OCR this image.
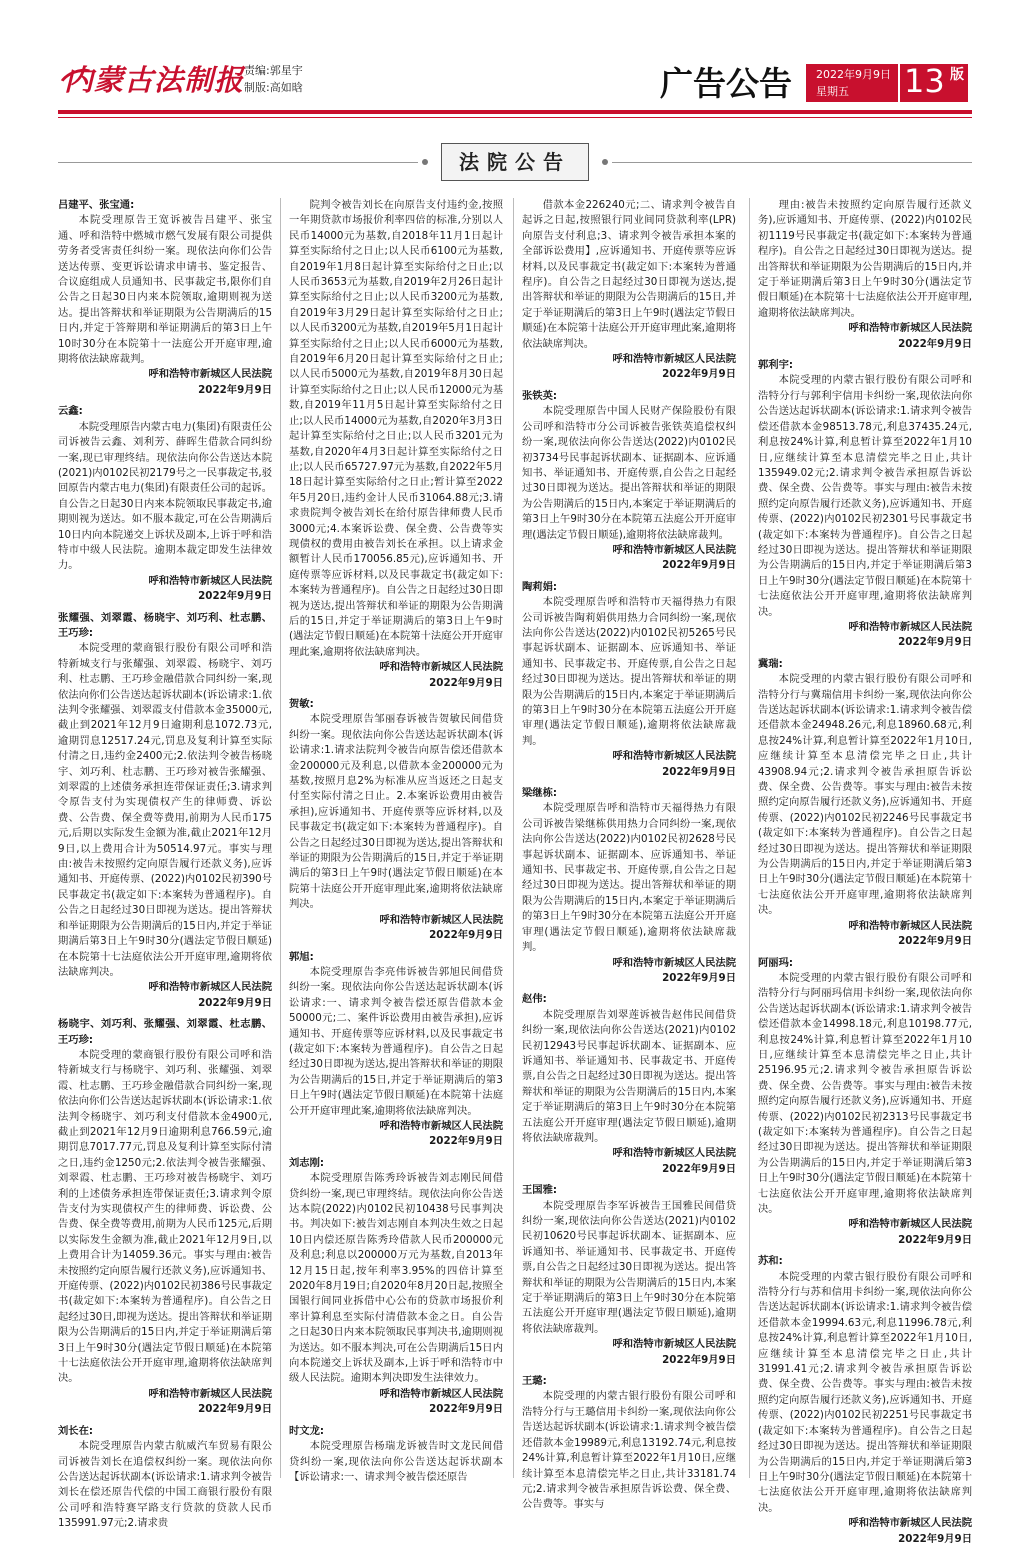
内蒙古法制报 责编:郭星宇
制版:高如晗	广告公告 2022年9月9日
星期五	13 版
法院公告

吕建平、张宝通:

本院受理原告王宽诉被告吕建平、张宝通、呼和浩特中燃城市燃气发展有限公司提供劳务者受害责任纠纷一案。现依法向你们公告送达传票、变更诉讼请求申请书、鉴定报告、合议庭组成人员通知书、民事裁定书,限你们自公告之日起30日内来本院领取,逾期则视为送达。提出答辩状和举证期限为公告期满后的15日内,并定于答辩期和举证期满后的第3日上午10时30分在本院第十一法庭公开开庭审理,逾期将依法缺席裁判。

呼和浩特市新城区人民法院

2022年9月9日

云鑫:

本院受理原告内蒙古电力(集团)有限责任公司诉被告云鑫、刘利芳、薛晖生借款合同纠纷一案,现已审理终结。现依法向你公告送达本院(2021)内0102民初2179号之一民事裁定书,驳回原告内蒙古电力(集团)有限责任公司的起诉。自公告之日起30日内来本院领取民事裁定书,逾期则视为送达。如不服本裁定,可在公告期满后10日内向本院递交上诉状及副本,上诉于呼和浩特市中级人民法院。逾期本裁定即发生法律效力。

呼和浩特市新城区人民法院

2022年9月9日

张耀强、刘翠霞、杨晓宇、刘巧利、杜志鹏、王巧珍:

本院受理的蒙商银行股份有限公司呼和浩特新城支行与张耀强、刘翠霞、杨晓宇、刘巧利、杜志鹏、王巧珍金融借款合同纠纷一案,现依法向你们公告送达起诉状副本(诉讼请求:1.依法判令张耀强、刘翠霞支付借款本金35000元,截止到2021年12月9日逾期利息1072.73元,逾期罚息12517.24元,罚息及复利计算至实际付清之日,违约金2400元;2.依法判令被告杨晓宇、刘巧利、杜志鹏、王巧珍对被告张耀强、刘翠霞的上述债务承担连带保证责任;3.请求判令原告支付为实现债权产生的律师费、诉讼费、公告费、保全费等费用,前期为人民币175元,后期以实际发生金额为准,截止2021年12月9日,以上费用合计为50514.97元。事实与理由:被告未按照约定向原告履行还款义务),应诉通知书、开庭传票、(2022)内0102民初390号民事裁定书(裁定如下:本案转为普通程序)。自公告之日起经过30日即视为送达。提出答辩状和举证期限为公告期满后的15日内,并定于举证期满后第3日上午9时30分(遇法定节假日顺延)在本院第十七法庭依法公开开庭审理,逾期将依法缺席判决。

呼和浩特市新城区人民法院

2022年9月9日

杨晓宇、刘巧利、张耀强、刘翠霞、杜志鹏、王巧珍:

本院受理的蒙商银行股份有限公司呼和浩特新城支行与杨晓宇、刘巧利、张耀强、刘翠霞、杜志鹏、王巧珍金融借款合同纠纷一案,现依法向你们公告送达起诉状副本(诉讼请求:1.依法判令杨晓宇、刘巧利支付借款本金4900元,截止到2021年12月9日逾期利息766.59元,逾期罚息7017.77元,罚息及复利计算至实际付清之日,违约金1250元;2.依法判令被告张耀强、刘翠霞、杜志鹏、王巧珍对被告杨晓宇、刘巧利的上述债务承担连带保证责任;3.请求判令原告支付为实现债权产生的律师费、诉讼费、公告费、保全费等费用,前期为人民币125元,后期以实际发生金额为准,截止2021年12月9日,以上费用合计为14059.36元。事实与理由:被告未按照约定向原告履行还款义务),应诉通知书、开庭传票、(2022)内0102民初386号民事裁定书(裁定如下:本案转为普通程序)。自公告之日起经过30日,即视为送达。提出答辩状和举证期限为公告期满后的15日内,并定于举证期满后第3日上午9时30分(遇法定节假日顺延)在本院第十七法庭依法公开开庭审理,逾期将依法缺席判决。

呼和浩特市新城区人民法院

2022年9月9日

刘长在:

本院受理原告内蒙古航威汽车贸易有限公司诉被告刘长在追偿权纠纷一案。现依法向你公告送达起诉状副本(诉讼请求:1.请求判令被告刘长在偿还原告代偿的中国工商银行股份有限公司呼和浩特赛罕路支行贷款的贷款人民币135991.97元;2.请求贵

院判令被告刘长在向原告支付违约金,按照一年期贷款市场报价利率四倍的标准,分别以人民币14000元为基数,自2018年11月1日起计算至实际给付之日止;以人民币6100元为基数,自2019年1月8日起计算至实际给付之日止;以人民币3653元为基数,自2019年2月26日起计算至实际给付之日止;以人民币3200元为基数,自2019年3月29日起计算至实际给付之日止;以人民币3200元为基数,自2019年5月1日起计算至实际给付之日止;以人民币6000元为基数,自2019年6月20日起计算至实际给付之日止;以人民币5000元为基数,自2019年8月30日起计算至实际给付之日止;以人民币12000元为基数,自2019年11月5日起计算至实际给付之日止;以人民币14000元为基数,自2020年3月3日起计算至实际给付之日止;以人民币3201元为基数,自2020年4月3日起计算至实际给付之日止;以人民币65727.97元为基数,自2022年5月18日起计算至实际给付之日止;暂计算至2022年5月20日,违约金计人民币31064.88元;3.请求贵院判令被告刘长在给付原告律师费人民币3000元;4.本案诉讼费、保全费、公告费等实现债权的费用由被告刘长在承担。以上请求金额暂计人民币170056.85元),应诉通知书、开庭传票等应诉材料,以及民事裁定书(裁定如下:本案转为普通程序)。自公告之日起经过30日即视为送达,提出答辩状和举证的期限为公告期满后的15日,并定于举证期满后的第3日上午9时(遇法定节假日顺延)在本院第十法庭公开开庭审理此案,逾期将依法缺席判决。

呼和浩特市新城区人民法院

2022年9月9日

贺敏:

本院受理原告邹丽春诉被告贺敏民间借贷纠纷一案。现依法向你公告送达起诉状副本(诉讼请求:1.请求法院判令被告向原告偿还借款本金200000元及利息,以借款本金200000元为基数,按照月息2%为标准从应当返还之日起支付至实际付清之日止。2.本案诉讼费用由被告承担),应诉通知书、开庭传票等应诉材料,以及民事裁定书(裁定如下:本案转为普通程序)。自公告之日起经过30日即视为送达,提出答辩状和举证的期限为公告期满后的15日,并定于举证期满后的第3日上午9时(遇法定节假日顺延)在本院第十法庭公开开庭审理此案,逾期将依法缺席判决。

呼和浩特市新城区人民法院

2022年9月9日

郭旭:

本院受理原告李亮伟诉被告郭旭民间借贷纠纷一案。现依法向你公告送达起诉状副本(诉讼请求:一、请求判令被告偿还原告借款本金50000元;二、案件诉讼费用由被告承担),应诉通知书、开庭传票等应诉材料,以及民事裁定书(裁定如下:本案转为普通程序)。自公告之日起经过30日即视为送达,提出答辩状和举证的期限为公告期满后的15日,并定于举证期满后的第3日上午9时(遇法定节假日顺延)在本院第十法庭公开开庭审理此案,逾期将依法缺席判决。

呼和浩特市新城区人民法院

2022年9月9日

刘志刚:

本院受理原告陈秀玲诉被告刘志刚民间借贷纠纷一案,现已审理终结。现依法向你公告送达本院(2022)内0102民初10438号民事判决书。判决如下:被告刘志刚自本判决生效之日起10日内偿还原告陈秀玲借款人民币200000元及利息;利息以200000万元为基数,自2013年12月15日起,按年利率3.95%的四倍计算至2020年8月19日;自2020年8月20日起,按照全国银行间同业拆借中心公布的贷款市场报价利率计算利息至实际付清借款本金之日。自公告之日起30日内来本院领取民事判决书,逾期则视为送达。如不服本判决,可在公告期满后15日内向本院递交上诉状及副本,上诉于呼和浩特市中级人民法院。逾期本判决即发生法律效力。

呼和浩特市新城区人民法院

2022年9月9日

时文龙:

本院受理原告杨瑞龙诉被告时文龙民间借贷纠纷一案,现依法向你公告送达起诉状副本【诉讼请求:一、请求判令被告偿还原告

借款本金226240元;二、请求判令被告自起诉之日起,按照银行同业间同贷款利率(LPR)向原告支付利息;3、请求判令被告承担本案的全部诉讼费用】,应诉通知书、开庭传票等应诉材料,以及民事裁定书(裁定如下:本案转为普通程序)。自公告之日起经过30日即视为送达,提出答辩状和举证的期限为公告期满后的15日,并定于举证期满后的第3日上午9时(遇法定节假日顺延)在本院第十法庭公开开庭审理此案,逾期将依法缺席判决。

呼和浩特市新城区人民法院

2022年9月9日

张铁英:

本院受理原告中国人民财产保险股份有限公司呼和浩特市分公司诉被告张铁英追偿权纠纷一案,现依法向你公告送达(2022)内0102民初3734号民事起诉状副本、证据副本、应诉通知书、举证通知书、开庭传票,自公告之日起经过30日即视为送达。提出答辩状和举证的期限为公告期满后的15日内,本案定于举证期满后的第3日上午9时30分在本院第五法庭公开开庭审理(遇法定节假日顺延),逾期将依法缺席裁判。

呼和浩特市新城区人民法院

2022年9月9日

陶莉娟:

本院受理原告呼和浩特市天福得热力有限公司诉被告陶莉娟供用热力合同纠纷一案,现依法向你公告送达(2022)内0102民初5265号民事起诉状副本、证据副本、应诉通知书、举证通知书、民事裁定书、开庭传票,自公告之日起经过30日即视为送达。提出答辩状和举证的期限为公告期满后的15日内,本案定于举证期满后的第3日上午9时30分在本院第五法庭公开开庭审理(遇法定节假日顺延),逾期将依法缺席裁判。

呼和浩特市新城区人民法院

2022年9月9日

梁继栋:

本院受理原告呼和浩特市天福得热力有限公司诉被告梁继栋供用热力合同纠纷一案,现依法向你公告送达(2022)内0102民初2628号民事起诉状副本、证据副本、应诉通知书、举证通知书、民事裁定书、开庭传票,自公告之日起经过30日即视为送达。提出答辩状和举证的期限为公告期满后的15日内,本案定于举证期满后的第3日上午9时30分在本院第五法庭公开开庭审理(遇法定节假日顺延),逾期将依法缺席裁判。

呼和浩特市新城区人民法院

2022年9月9日

赵伟:

本院受理原告刘翠莲诉被告赵伟民间借贷纠纷一案,现依法向你公告送达(2021)内0102民初12943号民事起诉状副本、证据副本、应诉通知书、举证通知书、民事裁定书、开庭传票,自公告之日起经过30日即视为送达。提出答辩状和举证的期限为公告期满后的15日内,本案定于举证期满后的第3日上午9时30分在本院第五法庭公开开庭审理(遇法定节假日顺延),逾期将依法缺席裁判。

呼和浩特市新城区人民法院

2022年9月9日

王国雅:

本院受理原告李军诉被告王国雅民间借贷纠纷一案,现依法向你公告送达(2021)内0102民初10620号民事起诉状副本、证据副本、应诉通知书、举证通知书、民事裁定书、开庭传票,自公告之日起经过30日即视为送达。提出答辩状和举证的期限为公告期满后的15日内,本案定于举证期满后的第3日上午9时30分在本院第五法庭公开开庭审理(遇法定节假日顺延),逾期将依法缺席裁判。

呼和浩特市新城区人民法院

2022年9月9日

王璐:

本院受理的内蒙古银行股份有限公司呼和浩特分行与王璐信用卡纠纷一案,现依法向你公告送达起诉状副本(诉讼请求:1.请求判令被告偿还借款本金19989元,利息13192.74元,利息按24%计算,利息暂计算至2022年1月10日,应继续计算至本息清偿完毕之日止,共计33181.74元;2.请求判令被告承担原告诉讼费、保全费、公告费等。事实与

理由:被告未按照约定向原告履行还款义务),应诉通知书、开庭传票、(2022)内0102民初1119号民事裁定书(裁定如下:本案转为普通程序)。自公告之日起经过30日即视为送达。提出答辩状和举证期限为公告期满后的15日内,并定于举证期满后第3日上午9时30分(遇法定节假日顺延)在本院第十七法庭依法公开开庭审理,逾期将依法缺席判决。

呼和浩特市新城区人民法院

2022年9月9日

郭利宇:

本院受理的内蒙古银行股份有限公司呼和浩特分行与郭利宇信用卡纠纷一案,现依法向你公告送达起诉状副本(诉讼请求:1.请求判令被告偿还借款本金98513.78元,利息37435.24元,利息按24%计算,利息暂计算至2022年1月10日,应继续计算至本息清偿完毕之日止,共计135949.02元;2.请求判令被告承担原告诉讼费、保全费、公告费等。事实与理由:被告未按照约定向原告履行还款义务),应诉通知书、开庭传票、(2022)内0102民初2301号民事裁定书(裁定如下:本案转为普通程序)。自公告之日起经过30日即视为送达。提出答辩状和举证期限为公告期满后的15日内,并定于举证期满后第3日上午9时30分(遇法定节假日顺延)在本院第十七法庭依法公开开庭审理,逾期将依法缺席判决。

呼和浩特市新城区人民法院

2022年9月9日

冀瑞:

本院受理的内蒙古银行股份有限公司呼和浩特分行与冀瑞信用卡纠纷一案,现依法向你公告送达起诉状副本(诉讼请求:1.请求判令被告偿还借款本金24948.26元,利息18960.68元,利息按24%计算,利息暂计算至2022年1月10日,应继续计算至本息清偿完毕之日止,共计43908.94元;2.请求判令被告承担原告诉讼费、保全费、公告费等。事实与理由:被告未按照约定向原告履行还款义务),应诉通知书、开庭传票、(2022)内0102民初2246号民事裁定书(裁定如下:本案转为普通程序)。自公告之日起经过30日即视为送达。提出答辩状和举证期限为公告期满后的15日内,并定于举证期满后第3日上午9时30分(遇法定节假日顺延)在本院第十七法庭依法公开开庭审理,逾期将依法缺席判决。

呼和浩特市新城区人民法院

2022年9月9日

阿丽玛:

本院受理的内蒙古银行股份有限公司呼和浩特分行与阿丽玛信用卡纠纷一案,现依法向你公告送达起诉状副本(诉讼请求:1.请求判令被告偿还借款本金14998.18元,利息10198.77元,利息按24%计算,利息暂计算至2022年1月10日,应继续计算至本息清偿完毕之日止,共计25196.95元;2.请求判令被告承担原告诉讼费、保全费、公告费等。事实与理由:被告未按照约定向原告履行还款义务),应诉通知书、开庭传票、(2022)内0102民初2313号民事裁定书(裁定如下:本案转为普通程序)。自公告之日起经过30日即视为送达。提出答辩状和举证期限为公告期满后的15日内,并定于举证期满后第3日上午9时30分(遇法定节假日顺延)在本院第十七法庭依法公开开庭审理,逾期将依法缺席判决。

呼和浩特市新城区人民法院

2022年9月9日

苏和:

本院受理的内蒙古银行股份有限公司呼和浩特分行与苏和信用卡纠纷一案,现依法向你公告送达起诉状副本(诉讼请求:1.请求判令被告偿还借款本金19994.63元,利息11996.78元,利息按24%计算,利息暂计算至2022年1月10日,应继续计算至本息清偿完毕之日止,共计31991.41元;2.请求判令被告承担原告诉讼费、保全费、公告费等。事实与理由:被告未按照约定向原告履行还款义务),应诉通知书、开庭传票、(2022)内0102民初2251号民事裁定书(裁定如下:本案转为普通程序)。自公告之日起经过30日即视为送达。提出答辩状和举证期限为公告期满后的15日内,并定于举证期满后第3日上午9时30分(遇法定节假日顺延)在本院第十七法庭依法公开开庭审理,逾期将依法缺席判决。

呼和浩特市新城区人民法院

2022年9月9日
